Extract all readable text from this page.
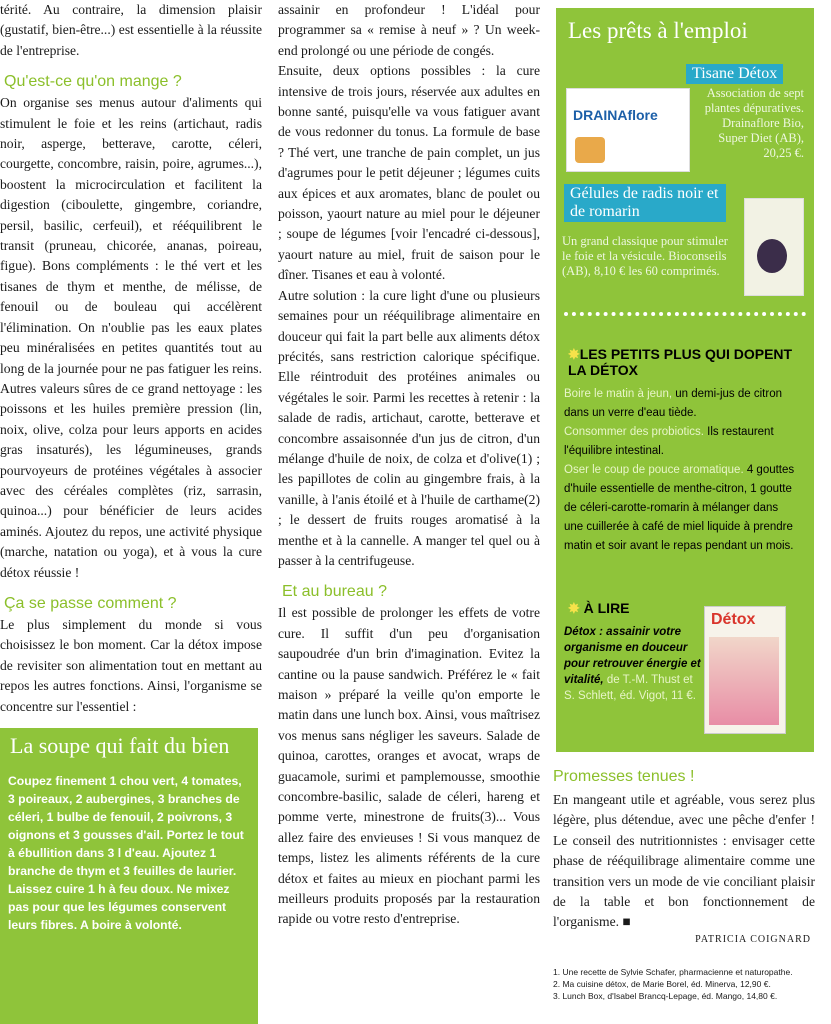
térité. Au contraire, la dimension plaisir (gustatif, bien-être...) est essentielle à la réussite de l'entreprise.

Qu'est-ce qu'on mange ?

On organise ses menus autour d'aliments qui stimulent le foie et les reins (artichaut, radis noir, asperge, betterave, carotte, céleri, courgette, concombre, raisin, poire, agrumes...), boostent la microcirculation et facilitent la digestion (ciboulette, gingembre, coriandre, persil, basilic, cerfeuil), et rééquilibrent le transit (pruneau, chicorée, ananas, poireau, figue). Bons compléments : le thé vert et les tisanes de thym et menthe, de mélisse, de fenouil ou de bouleau qui accélèrent l'élimination. On n'oublie pas les eaux plates peu minéralisées en petites quantités tout au long de la journée pour ne pas fatiguer les reins. Autres valeurs sûres de ce grand nettoyage : les poissons et les huiles première pression (lin, noix, olive, colza pour leurs apports en acides gras insaturés), les légumineuses, grands pourvoyeurs de protéines végétales à associer avec des céréales complètes (riz, sarrasin, quinoa...) pour bénéficier de leurs acides aminés. Ajoutez du repos, une activité physique (marche, natation ou yoga), et à vous la cure détox réussie !

Ça se passe comment ?

Le plus simplement du monde si vous choisissez le bon moment. Car la détox impose de revisiter son alimentation tout en mettant au repos les autres fonctions. Ainsi, l'organisme se concentre sur l'essentiel :

La soupe qui fait du bien

Coupez finement 1 chou vert, 4 tomates, 3 poireaux, 2 aubergines, 3 branches de céleri, 1 bulbe de fenouil, 2 poivrons, 3 oignons et 3 gousses d'ail. Portez le tout à ébullition dans 3 l d'eau. Ajoutez 1 branche de thym et 3 feuilles de laurier. Laissez cuire 1 h à feu doux. Ne mixez pas pour que les légumes conservent leurs fibres. A boire à volonté.

assainir en profondeur ! L'idéal pour programmer sa « remise à neuf » ? Un week-end prolongé ou une période de congés.

Ensuite, deux options possibles : la cure intensive de trois jours, réservée aux adultes en bonne santé, puisqu'elle va vous fatiguer avant de vous redonner du tonus. La formule de base ? Thé vert, une tranche de pain complet, un jus d'agrumes pour le petit déjeuner ; légumes cuits aux épices et aux aromates, blanc de poulet ou poisson, yaourt nature au miel pour le déjeuner ; soupe de légumes [voir l'encadré ci-dessous], yaourt nature au miel, fruit de saison pour le dîner. Tisanes et eau à volonté.

Autre solution : la cure light d'une ou plusieurs semaines pour un rééquilibrage alimentaire en douceur qui fait la part belle aux aliments détox précités, sans restriction calorique spécifique. Elle réintroduit des protéines animales ou végétales le soir. Parmi les recettes à retenir : la salade de radis, artichaut, carotte, betterave et concombre assaisonnée d'un jus de citron, d'un mélange d'huile de noix, de colza et d'olive(1) ; les papillotes de colin au gingembre frais, à la vanille, à l'anis étoilé et à l'huile de carthame(2) ; le dessert de fruits rouges aromatisé à la menthe et à la cannelle. A manger tel quel ou à passer à la centrifugeuse.

Et au bureau ?

Il est possible de prolonger les effets de votre cure. Il suffit d'un peu d'organisation saupoudrée d'un brin d'imagination. Evitez la cantine ou la pause sandwich. Préférez le « fait maison » préparé la veille qu'on emporte le matin dans une lunch box. Ainsi, vous maîtrisez vos menus sans négliger les saveurs. Salade de quinoa, carottes, oranges et avocat, wraps de guacamole, surimi et pamplemousse, smoothie concombre-basilic, salade de céleri, hareng et pomme verte, minestrone de fruits(3)... Vous allez faire des envieuses ! Si vous manquez de temps, listez les aliments référents de la cure détox et faites au mieux en piochant parmi les meilleurs produits proposés par la restauration rapide ou votre resto d'entreprise.

Les prêts à l'emploi
DRAINAflore
Tisane Détox
Association de sept plantes dépuratives. Drainaflore Bio, Super Diet (AB), 20,25 €.
Gélules de radis noir et de romarin
Un grand classique pour stimuler le foie et la vésicule. Bioconseils (AB), 8,10 € les 60 comprimés.
✸LES PETITS PLUS QUI DOPENT LA DÉTOX
Boire le matin à jeun, un demi-jus de citron dans un verre d'eau tiède.
Consommer des probiotics. Ils restaurent l'équilibre intestinal.
Oser le coup de pouce aromatique. 4 gouttes d'huile essentielle de menthe-citron, 1 goutte de céleri-carotte-romarin à mélanger dans une cuillerée à café de miel liquide à prendre matin et soir avant le repas pendant un mois.
✸ À LIRE
Détox : assainir votre organisme en douceur pour retrouver énergie et vitalité, de T.-M. Thust et S. Schlett, éd. Vigot, 11 €.
Détox
Promesses tenues !

En mangeant utile et agréable, vous serez plus légère, plus détendue, avec une pêche d'enfer ! Le conseil des nutritionnistes : envisager cette phase de rééquilibrage alimentaire comme une transition vers un mode de vie conciliant plaisir de la table et bon fonctionnement de l'organisme. ■

PATRICIA COIGNARD
1. Une recette de Sylvie Schafer, pharmacienne et naturopathe.
2. Ma cuisine détox, de Marie Borel, éd. Minerva, 12,90 €.
3. Lunch Box, d'Isabel Brancq-Lepage, éd. Mango, 14,80 €.
